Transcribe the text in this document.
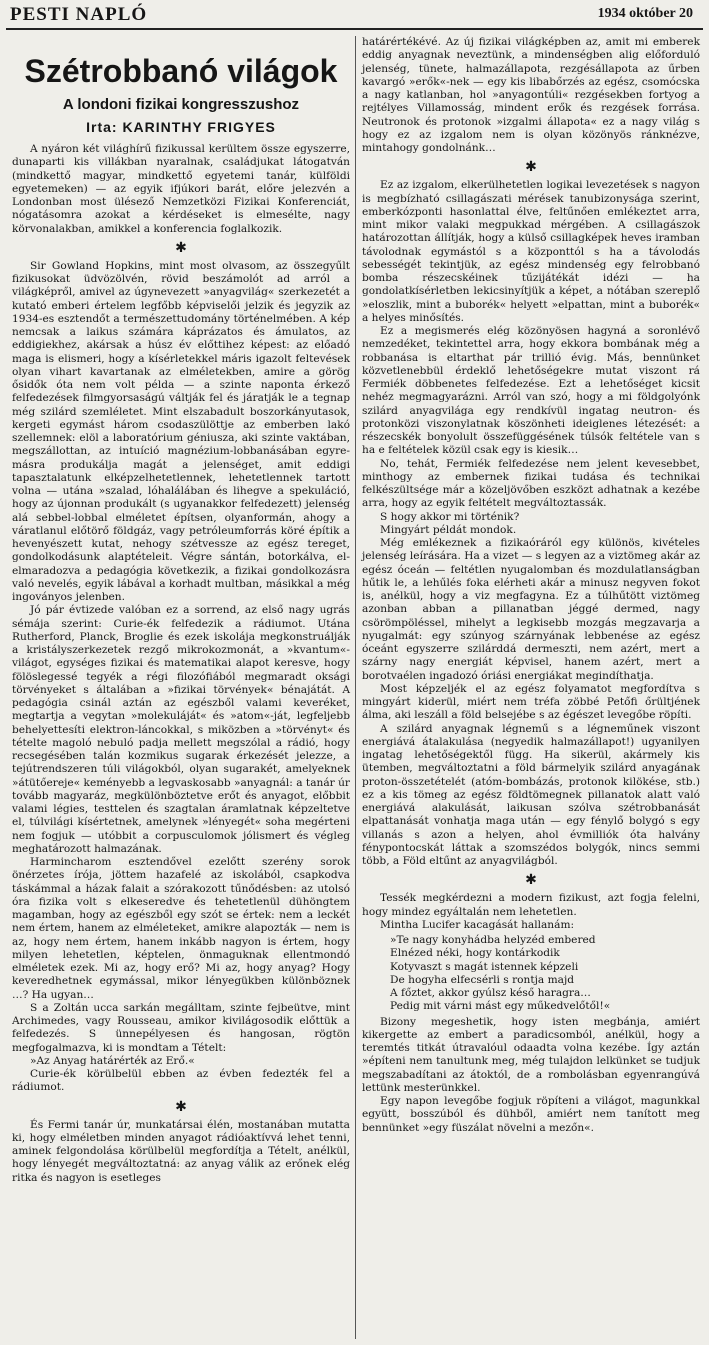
PESTI NAPLÓ	1934 október 20
Szétrobbanó világok
A londoni fizikai kongresszushoz
Irta: KARINTHY FRIGYES

A nyáron két világhírű fizikussal kerültem össze egyszerre, dunaparti kis villákban nyaralnak, családjukat látogatván (mindkettő magyar, mindkettő egyetemi tanár, külföldi egyetemeken) — az egyik ifjúkori barát, előre jelezvén a Londonban most ülésező Nemzetközi Fizikai Konferenciát, nógatásomra azokat a kérdéseket is elmesélte, nagy körvonalakban, amikkel a konferencia foglalkozik.

✱

Sir Gowland Hopkins, mint most olvasom, az összegyűlt fizikusokat üdvözölvén, rövid beszámolót ad arról a világképről, amivel az úgynevezett »anyagvilág« szerkezetét a kutató emberi értelem legfőbb képviselői jelzik és jegyzik az 1934-es esztendőt a természettudomány történelmében. A kép nemcsak a laikus számára káprázatos és ámulatos, az eddigiekhez, akársak a húsz év előttihez képest: az előadó maga is elismeri, hogy a kísérletekkel máris igazolt feltevések olyan vihart kavartanak az elméletekben, amire a görög ősidők óta nem volt példa — a szinte naponta érkező felfedezések filmgyorsaságú váltják fel és járatják le a tegnap még szilárd szemléletet. Mint elszabadult boszorkányutasok, kergeti egymást három csodaszülöttje az emberben lakó szellemnek: elöl a laboratórium géniusza, aki szinte vaktában, megszállottan, az intuíció magnézium-lobbanásában egyre-másra produkálja magát a jelenséget, amit eddigi tapasztalatunk elképzelhetetlennek, lehetetlennek tartott volna — utána »szalad, lóhalálában és lihegve a spekuláció, hogy az újonnan produkált (s ugyanakkor felfedezett) jelenség alá sebbel-lobbal elméletet építsen, olyanformán, ahogy a váratlanul előtörő földgáz, vagy petróleumforrás köré építik a hevenyészett kutat, nehogy szétvessze az egész tereget, gondolkodásunk alaptételeit. Végre sántán, botorkálva, el-elmaradozva a pedagógia következik, a fizikai gondolkozásra való nevelés, egyik lábával a korhadt multban, másikkal a még ingoványos jelenben.

Jó pár évtizede valóban ez a sorrend, az első nagy ugrás sémája szerint: Curie-ék felfedezik a rádiumot. Utána Rutherford, Planck, Broglie és ezek iskolája megkonstruálják a kristályszerkezetek rezgő mikrokozmonát, a »kvantum«-világot, egységes fizikai és matematikai alapot keresve, hogy fölöslegessé tegyék a régi filozófiából megmaradt oksági törvényeket s általában a »fizikai törvények« bénajátát. A pedagógia csinál aztán az egészből valami keveréket, megtartja a vegytan »molekuláját« és »atom«-ját, legfeljebb behelyettesíti elektron-láncokkal, s miközben a »törvényt« és tételte magoló nebuló padja mellett megszólal a rádió, hogy recsegésében talán kozmikus sugarak érkezését jelezze, a tejútrendszeren túli világokból, olyan sugarakét, amelyeknek »átütőereje« keményebb a legvaskosabb »anyagnál: a tanár úr tovább magyaráz, megkülönböztetve erőt és anyagot, előbbit valami légies, testtelen és szagtalan áramlatnak képzeltetve el, túlvilági kísértetnek, amelynek »lényegét« soha megérteni nem fogjuk — utóbbit a corpusculomok jólismert és végleg meghatározott halmazának.

Harmincharom esztendővel ezelőtt szerény sorok önérzetes írója, jöttem hazafelé az iskolából, csapkodva táskámmal a házak falait a szórakozott tűnődésben: az utolsó óra fizika volt s elkeseredve és tehetetlenül dühöngtem magamban, hogy az egészből egy szót se értek: nem a leckét nem értem, hanem az elméleteket, amikre alapozták — nem is az, hogy nem értem, hanem inkább nagyon is értem, hogy milyen lehetetlen, képtelen, önmaguknak ellentmondó elméletek ezek. Mi az, hogy erő? Mi az, hogy anyag? Hogy keveredhetnek egymással, mikor lényegükben különböznek …? Ha ugyan…

S a Zoltán ucca sarkán megálltam, szinte fejbeütve, mint Archimedes, vagy Rousseau, amikor kivilágosodik előttük a felfedezés. S ünnepélyesen és hangosan, rögtön megfogalmazva, ki is mondtam a Tételt:

»Az Anyag határérték az Erő.«

Curie-ék körülbelül ebben az évben fedezték fel a rádiumot.

✱

És Fermi tanár úr, munkatársai élén, mostanában mutatta ki, hogy elméletben minden anyagot rádióaktívvá lehet tenni, aminek felgondolása körülbelül megfordítja a Tételt, anélkül, hogy lényegét megváltoztatná: az anyag válik az erőnek elég ritka és nagyon is esetleges

határértékévé. Az új fizikai világképben az, amit mi emberek eddig anyagnak neveztünk, a mindenségben alig előforduló jelenség, tünete, halmazállapota, rezgésállapota az űrben kavargó »erők«-nek — egy kis libabőrzés az egész, csomócska a nagy katlanban, hol »anyagontúli« rezgésekben fortyog a rejtélyes Villamosság, mindent erők és rezgések forrása. Neutronok és protonok »izgalmi állapota« ez a nagy világ s hogy ez az izgalom nem is olyan közönyös ránknézve, mintahogy gondolnánk…

✱

Ez az izgalom, elkerülhetetlen logikai levezetések s nagyon is megbízható csillagászati mérések tanubizonysága szerint, emberkózponti hasonlattal élve, feltűnően emlékeztet arra, mint mikor valaki megpukkad mérgében. A csillagászok határozottan állítják, hogy a külső csillagképek heves iramban távolodnak egymástól s a központtól s ha a távolodás sebességét tekintjük, az egész mindenség egy felrobbanó bomba részecskéinek tűzijátékát idézi — ha gondolatkísérletben lekicsinyítjük a képet, a nótában szereplő »eloszlik, mint a buborék« helyett »elpattan, mint a buborék« a helyes minősítés.

Ez a megismerés elég közönyösen hagyná a soronlévő nemzedéket, tekintettel arra, hogy ekkora bombának még a robbanása is eltarthat pár trillió évig. Más, bennünket közvetlenebbül érdeklő lehetőségekre mutat viszont rá Fermiék döbbenetes felfedezése. Ezt a lehetőséget kicsit nehéz megmagyarázni. Arról van szó, hogy a mi földgolyónk szilárd anyagvilága egy rendkívül ingatag neutron- és protonközi viszonylatnak köszönheti ideiglenes létezését: a részecskék bonyolult összefüggésének túlsók feltétele van s ha e feltételek közül csak egy is kiesik…

No, tehát, Fermiék felfedezése nem jelent kevesebbet, minthogy az embernek fizikai tudása és technikai felkészültsége már a közeljövőben eszközt adhatnak a kezébe arra, hogy az egyik feltételt megváltoztassák.

S hogy akkor mi történik?

Mingyárt példát mondok.

Még emlékeznek a fizikaóráról egy különös, kivételes jelenség leírására. Ha a vizet — s legyen az a viztömeg akár az egész óceán — feltétlen nyugalomban és mozdulatlanságban hűtik le, a lehűlés foka elérheti akár a minusz negyven fokot is, anélkül, hogy a viz megfagyna. Ez a túlhűtött viztömeg azonban abban a pillanatban jéggé dermed, nagy csörömpöléssel, mihelyt a legkisebb mozgás megzavarja a nyugalmát: egy szúnyog szárnyának lebbenése az egész óceánt egyszerre szilárddá dermeszti, nem azért, mert a szárny nagy energiát képvisel, hanem azért, mert a borotvaélen ingadozó óriási energiákat megindíthatja.

Most képzeljék el az egész folyamatot megfordítva s mingyárt kiderül, miért nem tréfa zöbbé Petőfi őrültjének álma, aki leszáll a föld belsejébe s az égészet levegőbe röpíti.

A szilárd anyagnak légnemű s a légneműnek viszont energiává átalakulása (negyedik halmazállapot!) ugyanilyen ingatag lehetőségektől függ. Ha sikerül, akármely kis ütemben, megváltoztatni a föld bármelyik szilárd anyagának proton-összetételét (atóm-bombázás, protonok kilökése, stb.) ez a kis tömeg az egész földtömegnek pillanatok alatt való energiává alakulását, laikusan szólva szétrobbanását elpattanását vonhatja maga után — egy fénylő bolygó s egy villanás s azon a helyen, ahol évmilliók óta halvány fénypontocskát láttak a szomszédos bolygók, nincs semmi több, a Föld eltűnt az anyagvilágból.

✱

Tessék megkérdezni a modern fizikust, azt fogja felelni, hogy mindez egyáltalán nem lehetetlen.

Mintha Lucifer kacagását hallanám:

»Te nagy konyhádba helyzéd embered
Elnézed néki, hogy kontárkodik
Kotyvaszt s magát istennek képzeli
De hogyha elfecsérli s rontja majd
A főztet, akkor gyúlsz késő haragra…
Pedig mit várni mást egy műkedvelőtől!«

Bizony megeshetik, hogy isten megbánja, amiért kikergette az embert a paradicsomból, anélkül, hogy a teremtés titkát útravalóul odaadta volna kezébe. Így aztán »építeni nem tanultunk meg, még tulajdon lelkünket se tudjuk megszabadítani az átoktól, de a rombolásban egyenrangúvá lettünk mesterünkkel.

Egy napon levegőbe fogjuk röpíteni a világot, magunkkal együtt, bosszúból és dühből, amiért nem tanított meg bennünket »egy füszálat növelni a mezőn«.
